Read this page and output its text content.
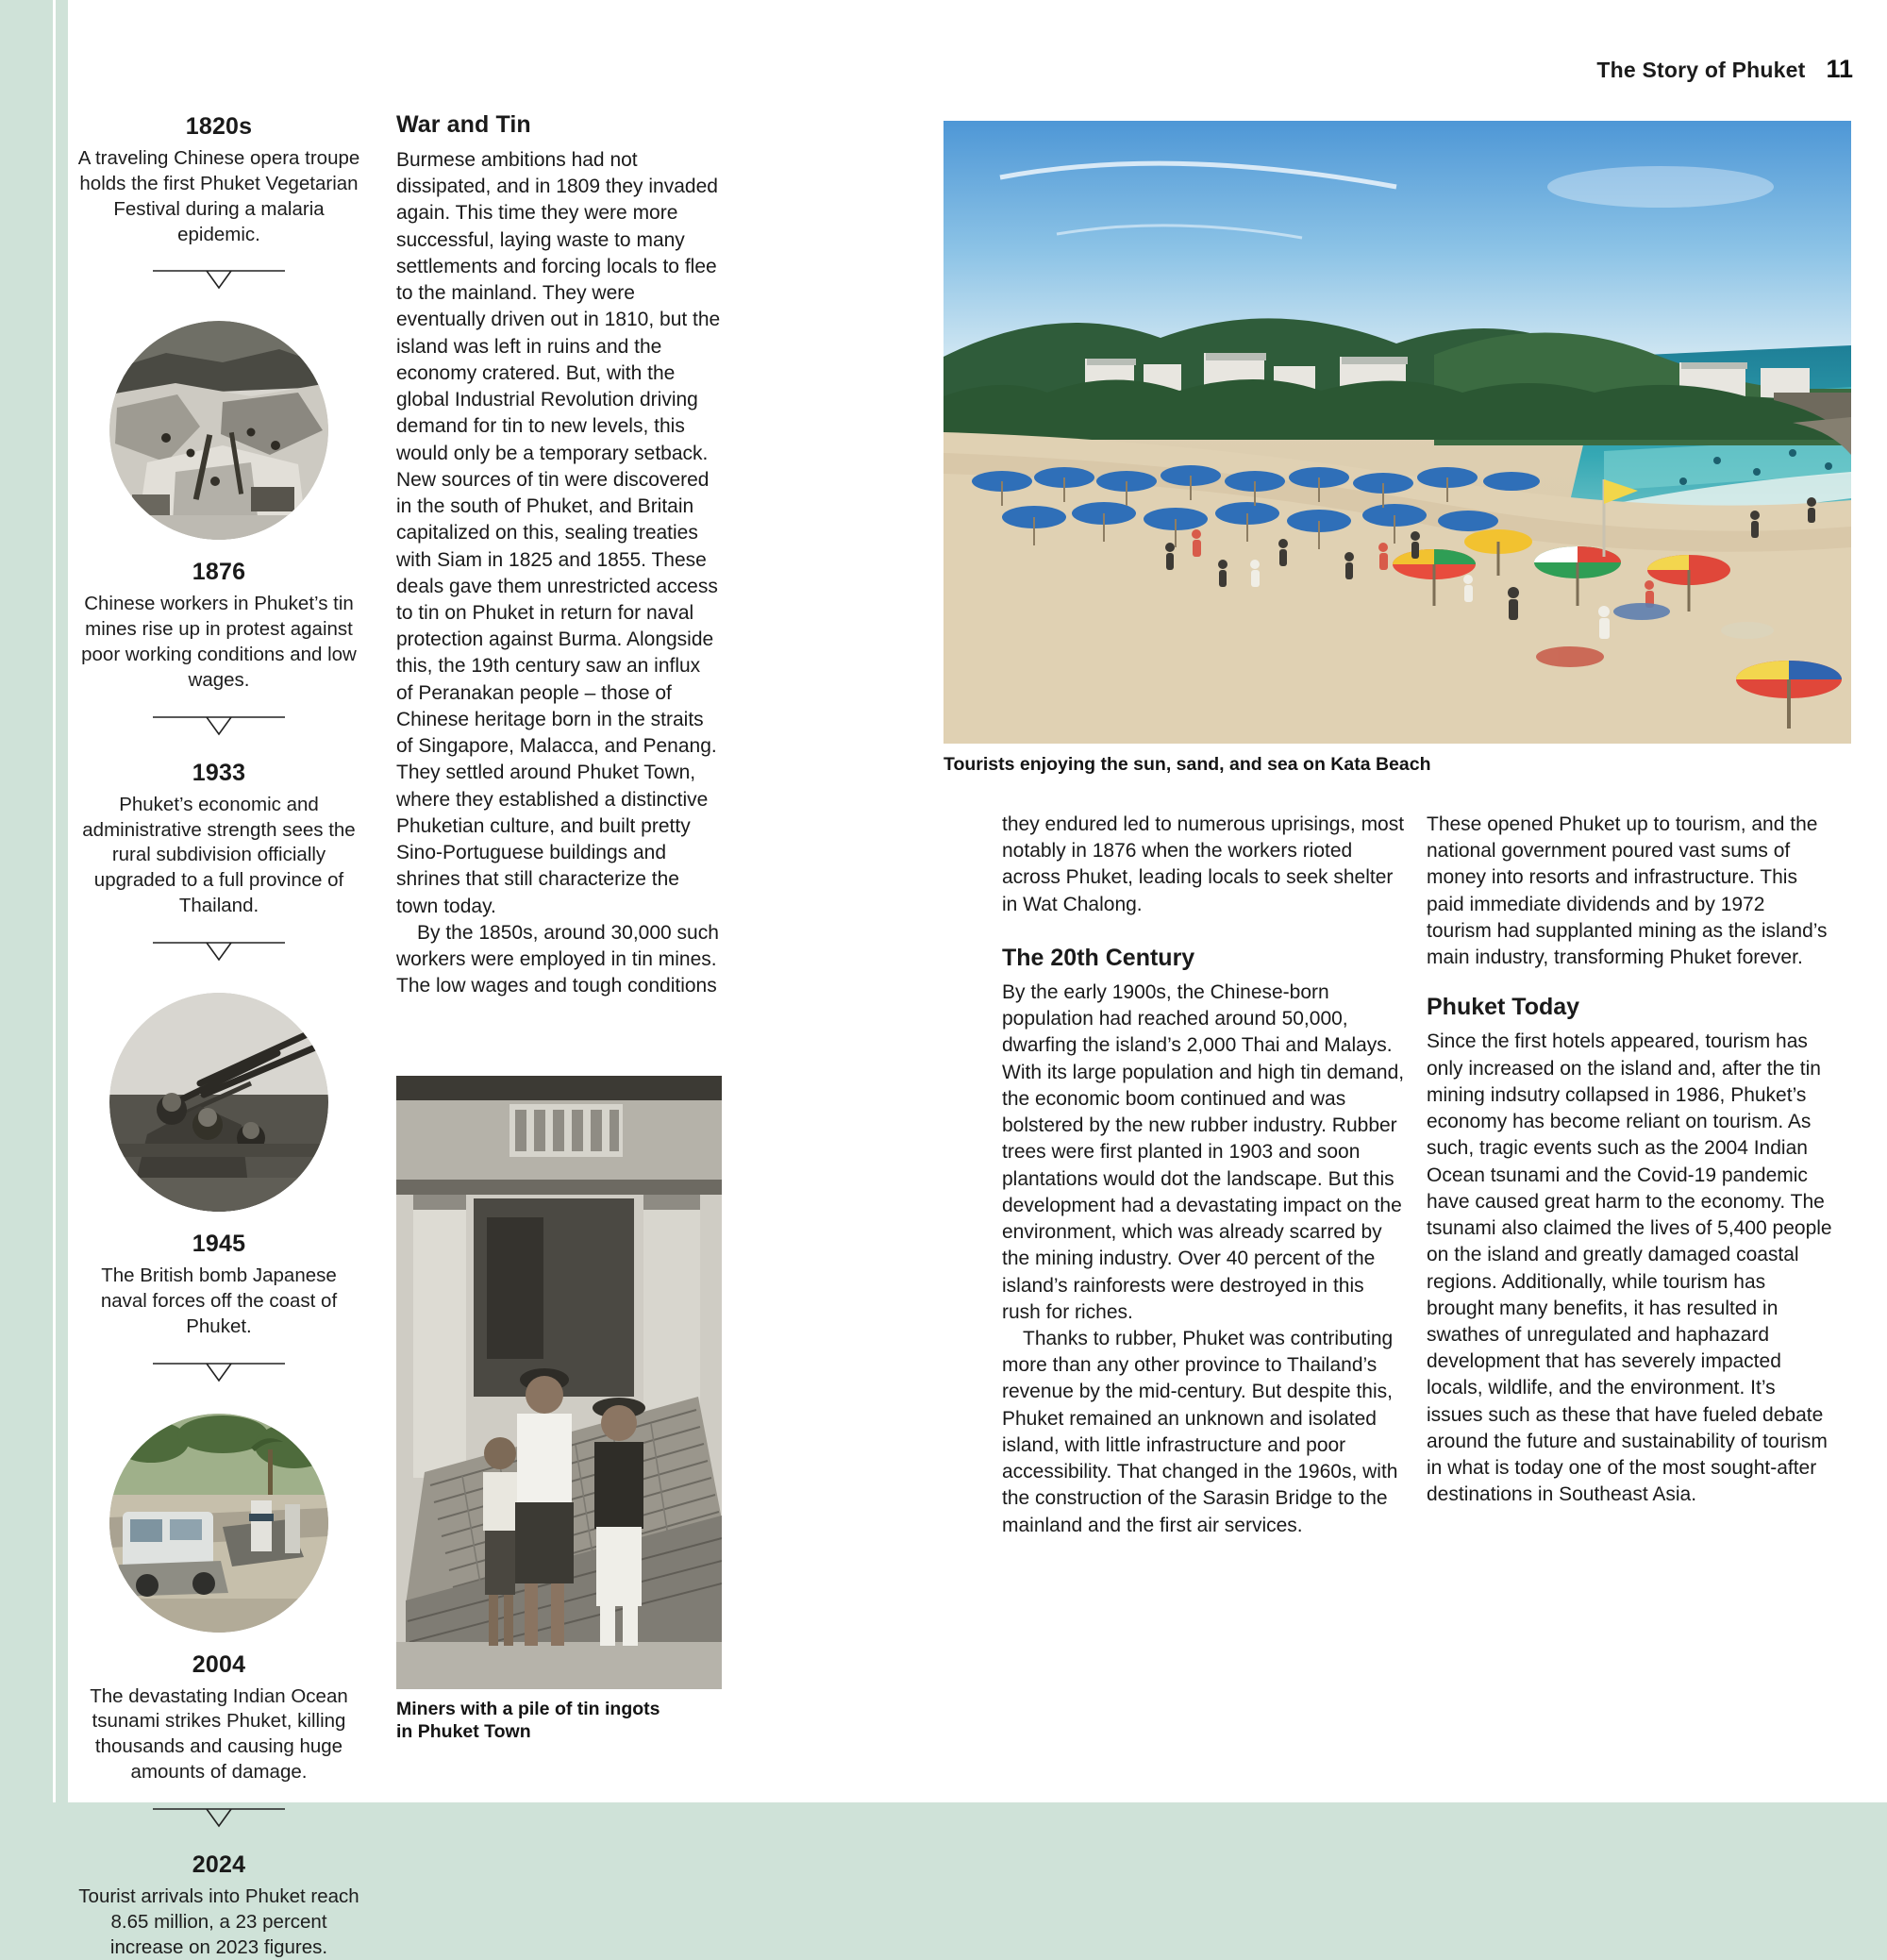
The Story of Phuket 11
1820s

A traveling Chinese opera troupe holds the first Phuket Vegetarian Festival during a malaria epidemic.

1876

Chinese workers in Phuket’s tin mines rise up in protest against poor working conditions and low wages.

1933

Phuket’s economic and administrative strength sees the rural subdivision officially upgraded to a full province of Thailand.

1945

The British bomb Japanese naval forces off the coast of Phuket.

2004

The devastating Indian Ocean tsunami strikes Phuket, killing thousands and causing huge amounts of damage.

2024

Tourist arrivals into Phuket reach 8.65 million, a 23 percent increase on 2023 figures.

War and Tin

Burmese ambitions had not dissipated, and in 1809 they invaded again. This time they were more successful, laying waste to many settlements and forcing locals to flee to the mainland. They were eventually driven out in 1810, but the island was left in ruins and the economy cratered. But, with the global Industrial Revolution driving demand for tin to new levels, this would only be a temporary setback. New sources of tin were discovered in the south of Phuket, and Britain capitalized on this, sealing treaties with Siam in 1825 and 1855. These deals gave them unrestricted access to tin on Phuket in return for naval protection against Burma. Alongside this, the 19th century saw an influx of Peranakan people – those of Chinese heritage born in the straits of Singapore, Malacca, and Penang. They settled around Phuket Town, where they established a distinctive Phuketian culture, and built pretty Sino-Portuguese buildings and shrines that still characterize the town today.

By the 1850s, around 30,000 such workers were employed in tin mines. The low wages and tough conditions

Miners with a pile of tin ingots
in Phuket Town
Tourists enjoying the sun, sand, and sea on Kata Beach

they endured led to numerous uprisings, most notably in 1876 when the workers rioted across Phuket, leading locals to seek shelter in Wat Chalong.

The 20th Century

By the early 1900s, the Chinese-born population had reached around 50,000, dwarfing the island’s 2,000 Thai and Malays. With its large population and high tin demand, the economic boom continued and was bolstered by the new rubber industry. Rubber trees were first planted in 1903 and soon plantations would dot the landscape. But this development had a devastating impact on the environment, which was already scarred by the mining industry. Over 40 percent of the island’s rainforests were destroyed in this rush for riches.

Thanks to rubber, Phuket was contributing more than any other province to Thailand’s revenue by the mid-century. But despite this, Phuket remained an unknown and isolated island, with little infrastructure and poor accessibility. That changed in the 1960s, with the construction of the Sarasin Bridge to the mainland and the first air services.

These opened Phuket up to tourism, and the national government poured vast sums of money into resorts and infrastructure. This paid immediate dividends and by 1972 tourism had supplanted mining as the island’s main industry, transforming Phuket forever.

Phuket Today

Since the first hotels appeared, tourism has only increased on the island and, after the tin mining indsutry collapsed in 1986, Phuket’s economy has become reliant on tourism. As such, tragic events such as the 2004 Indian Ocean tsunami and the Covid-19 pandemic have caused great harm to the economy. The tsunami also claimed the lives of 5,400 people on the island and greatly damaged coastal regions. Additionally, while tourism has brought many benefits, it has resulted in swathes of unregulated and haphazard development that has severely impacted locals, wildlife, and the environment. It’s issues such as these that have fueled debate around the future and sustainability of tourism in what is today one of the most sought-after destinations in Southeast Asia.
